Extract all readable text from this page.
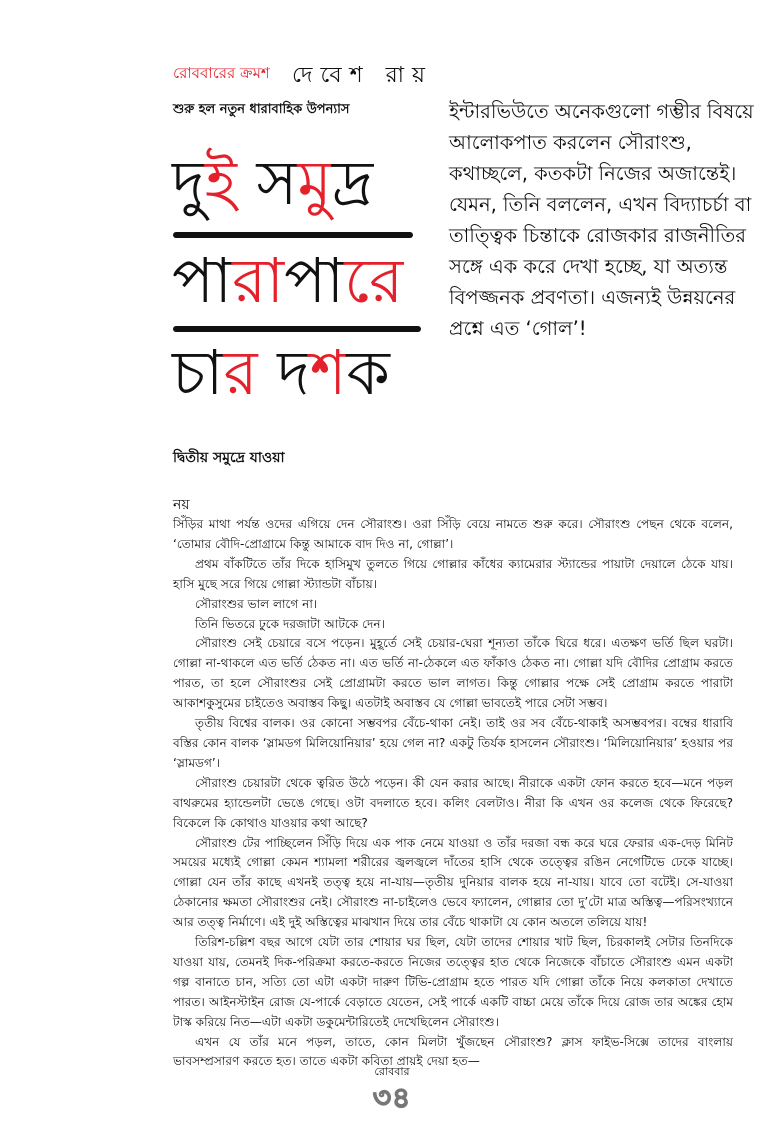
রোববারের ক্রমশ দেবেশ রায়
শুরু হল নতুন ধারাবাহিক উপন্যাস
দুই সমুদ্র
পারাপারে
চার দশক
ইন্টারভিউতে অনেকগুলো গম্ভীর বিষয়ে আলোকপাত করলেন সৌরাংশু, কথাচ্ছলে, কতকটা নিজের অজান্তেই। যেমন, তিনি বললেন, এখন বিদ্যাচর্চা বা তাত্ত্বিক চিন্তাকে রোজকার রাজনীতির সঙ্গে এক করে দেখা হচ্ছে, যা অত্যন্ত বিপজ্জনক প্রবণতা। এজন্যই উন্নয়নের প্রশ্নে এত ‘গোল’!
দ্বিতীয় সমুদ্রে যাওয়া
নয়

সিঁড়ির মাথা পর্যন্ত ওদের এগিয়ে দেন সৌরাংশু। ওরা সিঁড়ি বেয়ে নামতে শুরু করে। সৌরাংশু পেছন থেকে বলেন, ‘তোমার বৌদি-প্রোগ্রামে কিন্তু আমাকে বাদ দিও না, গোল্লা’।

প্রথম বাঁকটিতে তাঁর দিকে হাসিমুখ তুলতে গিয়ে গোল্লার কাঁধের ক্যামেরার স্ট্যান্ডের পায়াটা দেয়ালে ঠেকে যায়। হাসি মুছে সরে গিয়ে গোল্লা স্ট্যান্ডটা বাঁচায়।

সৌরাংশুর ভাল লাগে না।

তিনি ভিতরে ঢুকে দরজাটা আটকে দেন।

সৌরাংশু সেই চেয়ারে বসে পড়েন। মুহূর্তে সেই চেয়ার-ঘেরা শূন্যতা তাঁকে ঘিরে ধরে। এতক্ষণ ভর্তি ছিল ঘরটা। গোল্লা না-থাকলে এত ভর্তি ঠেকত না। এত ভর্তি না-ঠেকলে এত ফাঁকাও ঠেকত না। গোল্লা যদি বৌদির প্রোগ্রাম করতে পারত, তা হলে সৌরাংশুর সেই প্রোগ্রামটা করতে ভাল লাগত। কিন্তু গোল্লার পক্ষে সেই প্রোগ্রাম করতে পারাটা আকাশকুসুমের চাইতেও অবাস্তব কিছু। এতটাই অবাস্তব যে গোল্লা ভাবতেই পারে সেটা সম্ভব।

তৃতীয় বিশ্বের বালক। ওর কোনো সম্ভবপর বেঁচে-থাকা নেই। তাই ওর সব বেঁচে-থাকাই অসম্ভবপর। বম্বের ধারাবি বস্তির কোন বালক ‘স্লামডগ মিলিয়োনিয়ার’ হয়ে গেল না? একটু তির্যক হাসলেন সৌরাংশু। ‘মিলিয়োনিয়ার’ হওয়ার পর ‘স্লামডগ’।

সৌরাংশু চেয়ারটা থেকে ত্বরিত উঠে পড়েন। কী যেন করার আছে। নীরাকে একটা ফোন করতে হবে—মনে পড়ল বাথরুমের হ্যান্ডেলটা ভেঙে গেছে। ওটা বদলাতে হবে। কলিং বেলটাও। নীরা কি এখন ওর কলেজ থেকে ফিরেছে? বিকেলে কি কোথাও যাওয়ার কথা আছে?

সৌরাংশু টের পাচ্ছিলেন সিঁড়ি দিয়ে এক পাক নেমে যাওয়া ও তাঁর দরজা বন্ধ করে ঘরে ফেরার এক-দেড় মিনিট সময়ের মধ্যেই গোল্লা কেমন শ্যামলা শরীরের জ্বলজ্বলে দাঁতের হাসি থেকে তত্ত্বের রঙিন নেগেটিভে ঢেকে যাচ্ছে। গোল্লা যেন তাঁর কাছে এখনই তত্ত্ব হয়ে না-যায়—তৃতীয় দুনিয়ার বালক হয়ে না-যায়। যাবে তো বটেই। সে-যাওয়া ঠেকানোর ক্ষমতা সৌরাংশুর নেই। সৌরাংশু না-চাইলেও ভেবে ফ্যালেন, গোল্লার তো দু’টো মাত্র অস্তিত্ব—পরিসংখ্যানে আর তত্ত্ব নির্মাণে। এই দুই অস্তিত্বের মাঝখান দিয়ে তার বেঁচে থাকাটা যে কোন অতলে তলিয়ে যায়!

তিরিশ-চল্লিশ বছর আগে যেটা তার শোয়ার ঘর ছিল, যেটা তাদের শোয়ার খাট ছিল, চিরকালই সেটার তিনদিকে যাওয়া যায়, তেমনই দিক-পরিক্রমা করতে-করতে নিজের তত্ত্বের হাত থেকে নিজেকে বাঁচাতে সৌরাংশু এমন একটা গল্প বানাতে চান, সত্যি তো এটা একটা দারুণ টিভি-প্রোগ্রাম হতে পারত যদি গোল্লা তাঁকে নিয়ে কলকাতা দেখাতে পারত। আইনস্টাইন রোজ যে-পার্কে বেড়াতে যেতেন, সেই পার্কে একটি বাচ্চা মেয়ে তাঁকে দিয়ে রোজ তার অঙ্কের হোম টাস্ক করিয়ে নিত—এটা একটা ডকুমেন্টারিতেই দেখেছিলেন সৌরাংশু।

এখন যে তাঁর মনে পড়ল, তাতে, কোন মিলটা খুঁজছেন সৌরাংশু? ক্লাস ফাইভ-সিক্সে তাদের বাংলায় ভাবসম্প্রসারণ করতে হত। তাতে একটা কবিতা প্রায়ই দেয়া হত—

রোববার
৩৪
